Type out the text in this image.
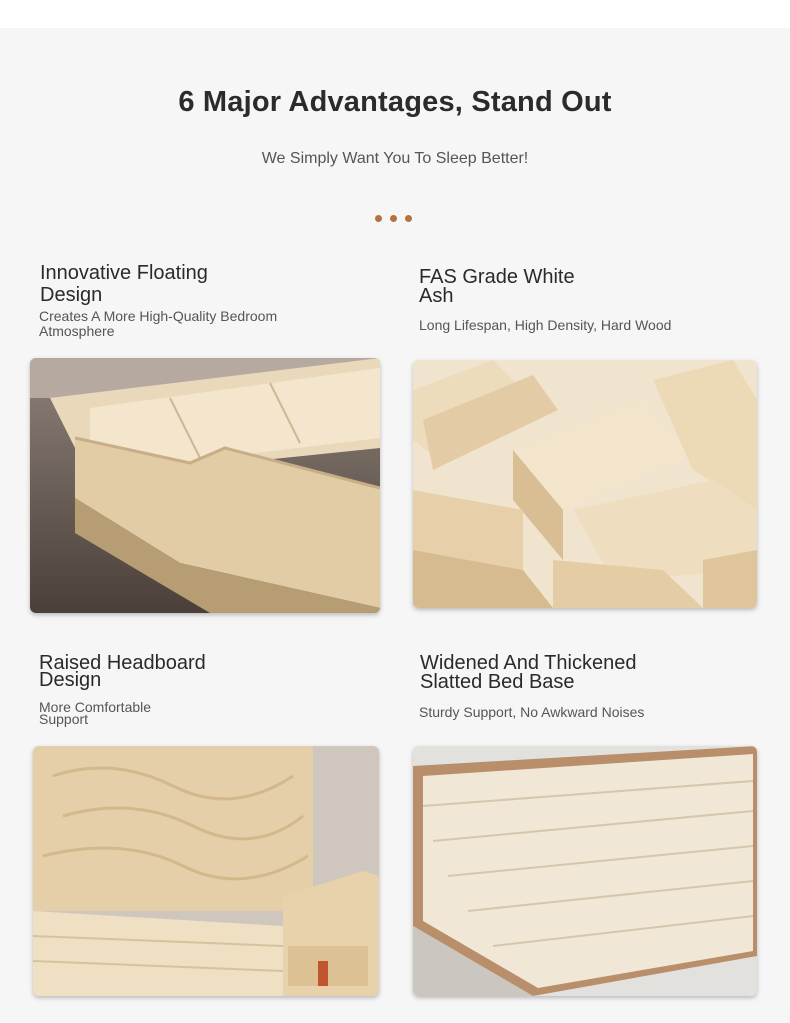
6 Major Advantages, Stand Out
We Simply Want You To Sleep Better!
Innovative Floating
Design
Creates A More High-Quality Bedroom
Atmosphere
FAS Grade White
Ash
Long Lifespan, High Density, Hard Wood
Raised Headboard
Design
More Comfortable
Support
Widened And Thickened
Slatted Bed Base
Sturdy Support, No Awkward Noises
